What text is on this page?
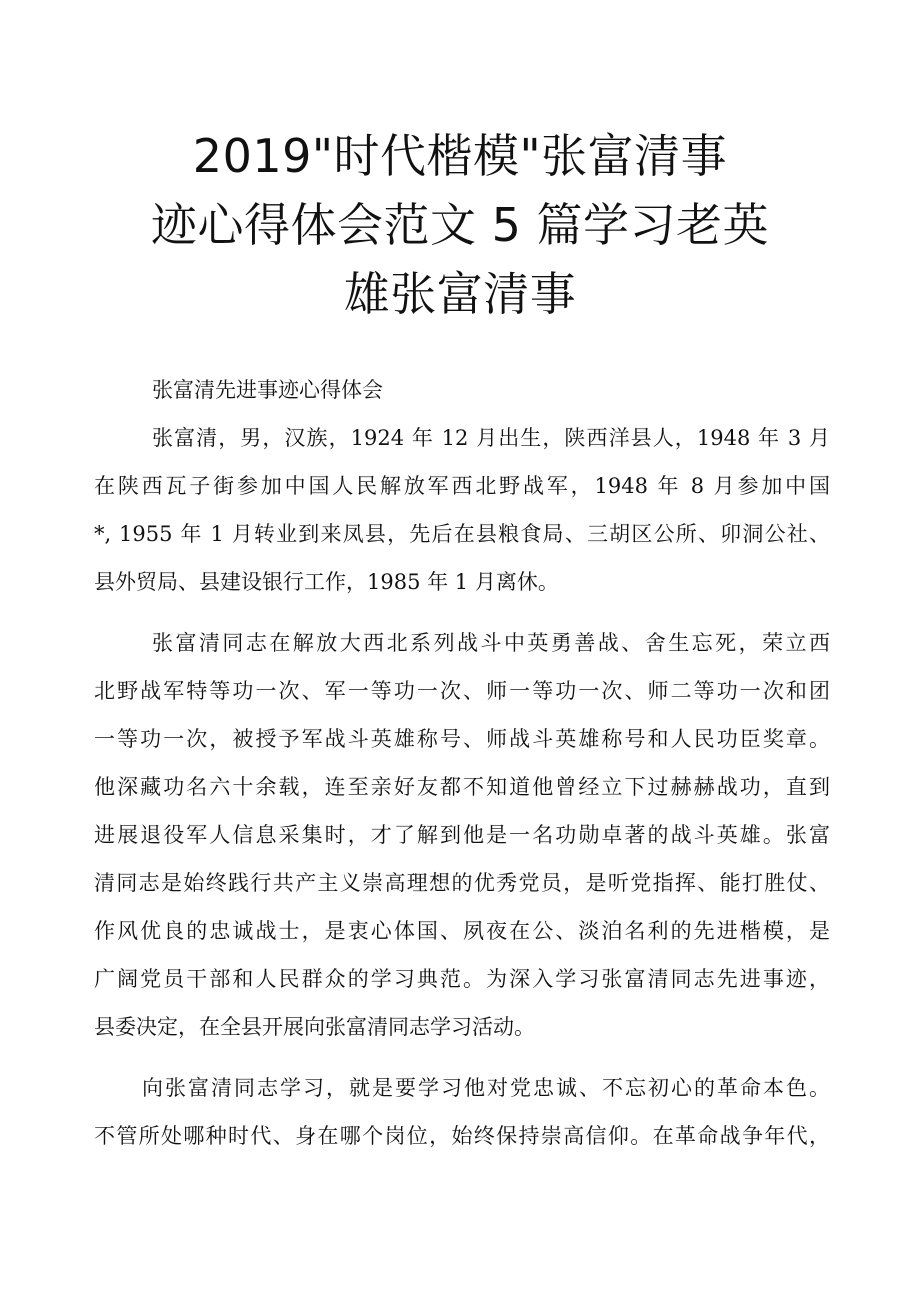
2019"时代楷模"张富清事
迹心得体会范文 5 篇学习老英
雄张富清事

张富清先进事迹心得体会

张富清，男，汉族，1924 年 12 月出生，陕西洋县人，1948 年 3 月
在陕西瓦子街参加中国人民解放军西北野战军，1948 年 8 月参加中国
*, 1955 年 1 月转业到来凤县，先后在县粮食局、三胡区公所、卯洞公社、
县外贸局、县建设银行工作，1985 年 1 月离休。

张富清同志在解放大西北系列战斗中英勇善战、舍生忘死，荣立西
北野战军特等功一次、军一等功一次、师一等功一次、师二等功一次和团
一等功一次，被授予军战斗英雄称号、师战斗英雄称号和人民功臣奖章。
他深藏功名六十余载，连至亲好友都不知道他曾经立下过赫赫战功，直到
进展退役军人信息采集时，才了解到他是一名功勋卓著的战斗英雄。张富
清同志是始终践行共产主义崇高理想的优秀党员，是听党指挥、能打胜仗、
作风优良的忠诚战士，是衷心体国、夙夜在公、淡泊名利的先进楷模，是
广阔党员干部和人民群众的学习典范。为深入学习张富清同志先进事迹，
县委决定，在全县开展向张富清同志学习活动。

向张富清同志学习，就是要学习他对党忠诚、不忘初心的革命本色。
不管所处哪种时代、身在哪个岗位，始终保持崇高信仰。在革命战争年代，
